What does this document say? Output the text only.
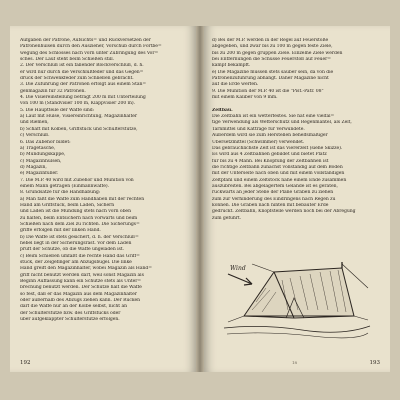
Aufgaben der Patrone, Aufsichts= und Rückversetzen der
Patronenhülsen durch den Auszieher, Vorschub durch Fortbe=
wegung des Schlosses nach vorn unter Zubringung des Vor=
sches. Der Lauf steht beim Schießen still.
2. Der Verschluß ist ein fallender Blockverschluß, d. h.
er wird nur durch die Verschlußfeder und das Gegen=
druck der Schwenkfeder zum Schließen gebracht.
3. Die Zuführung der Patronen erfolgt aus einem Stan=
genmagazin für 32 Patronen.
4. Die Visiereinstellung beträgt 200 m mit Unterteilung
von 100 m (Standvisier 100 m, Klappvisier 200 m).
5. Die Hauptteile der Waffe sind:
a) Lauf mit Hülse, Visiereinrichtung, Magazinhalter
und Riemen,
b) Schaft mit Kolben, Griffstück und Schulterstütze,
c) Verschluß.
6. Das Zubehör bildet:
a) Tragetasche,
b) Mündungskappe,
c) Magazinhülsen,
d) Magazin,
e) Magazinfüller.
7. Die M.P. 40 wird mit Zubehör und Munition von
einem Mann getragen (Einmannwaffe).
8. Grundsätze für die Handhabung:
a) Man faßt die Waffe zum Handhaben mit der rechten
Hand am Griffstück, beim Laden, Sichern
und Laden ist die Mündung stets nach vorn oben
zu halten, beim Entsichern nach vorwärts und beim
Schießen nach dem Ziel zu richten. Die Sicherungs=
griffe erfolgen mit der linken Hand.
b) Die Waffe ist stets gesichert, d. h. der Verschluß=
hebel liegt in der Sicherungsrast. Vor dem Laden
prüft der Schütze, ob die Waffe ungeladen ist.
c) Beim Schießen umfaßt die rechte Hand das Griff=
stück, der Zeigefinger am Abzugsbügel. Die linke
Hand greift den Magazinhalter, wobei Magazin als Hand=
griff nicht benutzt werden darf, weil sonst Magazin als
Beginn Auffassung kann ein Schütze stets als Unter=
brechung benutzt werden. Der Schütze hält die Waffe
so fest, daß er das Magazin aus dem Magazinhalter
oder außerhalb des Abzugs ziehen kann. Der Rücken
darf die Waffe nur an der Kolbe selbst, nicht an
der Schulterstütze bzw. des Griffstücks oder
über aufgeklappter Schulterstütze erfolgen.
192
d) Bei der M.P. werden in der Regel auf Feuerstöße
abgegeben, und zwar bis zu 100 m gegen feste Ziele,
bis zu 200 m gegen gruppen Ziele. Einzelne Ziele werden
bei Entfernungen die Schüsse Feuerstoß auf Feuer=
kampf bekämpft.
e) Die Magazine müssen stets sauber sein, da von die
Patronenzuführung abhängt. Daher Magazine nicht
auf die Erde werfen.
9. Die Munition der M.P. 40 ist die "Pist.-Patr. 08"
mit einem Kaliber von 9 mm.
Zeltbau.
Die Zeltbahn ist ein wetterfestes. Sie hat eine vielfäl=
tige Verwendung als Wetterschutz und Regenmantel, als Zelt,
Tarnmittel und Kattrage für Verwundete.
Außerdem wird sie zum Herstellen behelfsmäßiger
Übersetzmittel (Schwimmer) verwendet.
Das gebräuchlichste Zelt ist das Viererzelt (siehe Skizze).
Es wird aus 4 Zeltbahnen gebildet und bietet Platz
für bis zu 4 Mann. Bei Knöpfung der Zeltbahnen ist
die richtige Zeltbahn zunächst vollständig auf dem Boden
mit der Unterseite nach oben und mit einem vollständigen
Zeltpfahl und einem Zeltstock nahe einem Ende zusammen
auszubreiten. Bei abgelagertem Gelände ist es geraten,
rückwärts an jeder Stelle der Plane Gräben zu ziehen
zum zur Verhinderung des Eindringens nach Regen zu
können. Die Gräben nach hinten mit bebauter Erde
gedrückt. Zeltbahn, Knopfstelle werden noch bei der Abregung
zum geführt.
Wind
18	193
